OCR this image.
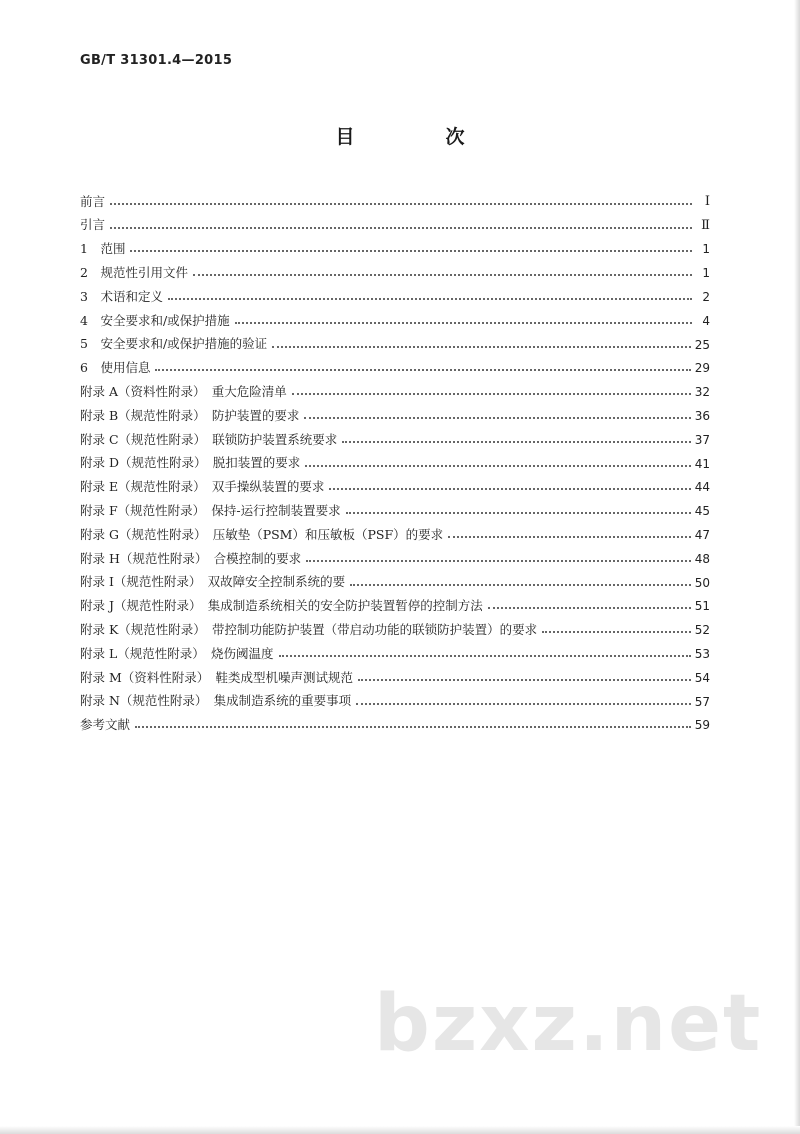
GB/T 31301.4—2015
目　次
前言	Ⅰ
引言	Ⅱ
1　范围	1
2　规范性引用文件	1
3　术语和定义	2
4　安全要求和/或保护措施	4
5　安全要求和/或保护措施的验证	25
6　使用信息	29
附录 A（资料性附录）　重大危险清单	32
附录 B（规范性附录）　防护装置的要求	36
附录 C（规范性附录）　联锁防护装置系统要求	37
附录 D（规范性附录）　脱扣装置的要求	41
附录 E（规范性附录）　双手操纵装置的要求	44
附录 F（规范性附录）　保持-运行控制装置要求	45
附录 G（规范性附录）　压敏垫（PSM）和压敏板（PSF）的要求	47
附录 H（规范性附录）　合模控制的要求	48
附录 I（规范性附录）　双故障安全控制系统的要	50
附录 J（规范性附录）　集成制造系统相关的安全防护装置暂停的控制方法	51
附录 K（规范性附录）　带控制功能防护装置（带启动功能的联锁防护装置）的要求	52
附录 L（规范性附录）　烧伤阈温度	53
附录 M（资料性附录）　鞋类成型机噪声测试规范	54
附录 N（规范性附录）　集成制造系统的重要事项	57
参考文献	59
bzxz.net
